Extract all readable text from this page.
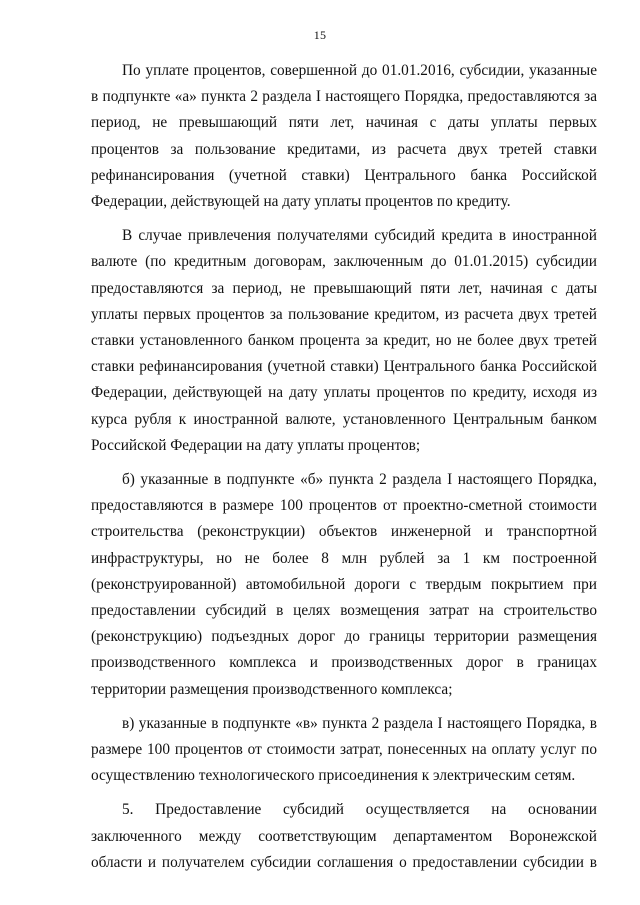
15

По уплате процентов, совершенной до 01.01.2016, субсидии, указанные в подпункте «а» пункта 2 раздела I настоящего Порядка, предоставляются за период, не превышающий пяти лет, начиная с даты уплаты первых процентов за пользование кредитами, из расчета двух третей ставки рефинансирования (учетной ставки) Центрального банка Российской Федерации, действующей на дату уплаты процентов по кредиту.

В случае привлечения получателями субсидий кредита в иностранной валюте (по кредитным договорам, заключенным до 01.01.2015) субсидии предоставляются за период, не превышающий пяти лет, начиная с даты уплаты первых процентов за пользование кредитом, из расчета двух третей ставки установленного банком процента за кредит, но не более двух третей ставки рефинансирования (учетной ставки) Центрального банка Российской Федерации, действующей на дату уплаты процентов по кредиту, исходя из курса рубля к иностранной валюте, установленного Центральным банком Российской Федерации на дату уплаты процентов;

б) указанные в подпункте «б» пункта 2 раздела I настоящего Порядка, предоставляются в размере 100 процентов от проектно-сметной стоимости строительства (реконструкции) объектов инженерной и транспортной инфраструктуры, но не более 8 млн рублей за 1 км построенной (реконструированной) автомобильной дороги с твердым покрытием при предоставлении субсидий в целях возмещения затрат на строительство (реконструкцию) подъездных дорог до границы территории размещения производственного комплекса и производственных дорог в границах территории размещения производственного комплекса;

в) указанные в подпункте «в» пункта 2 раздела I настоящего Порядка, в размере 100 процентов от стоимости затрат, понесенных на оплату услуг по осуществлению технологического присоединения к электрическим сетям.

5. Предоставление субсидий осуществляется на основании заключенного между соответствующим департаментом Воронежской области и получателем субсидии соглашения о предоставлении субсидии в
